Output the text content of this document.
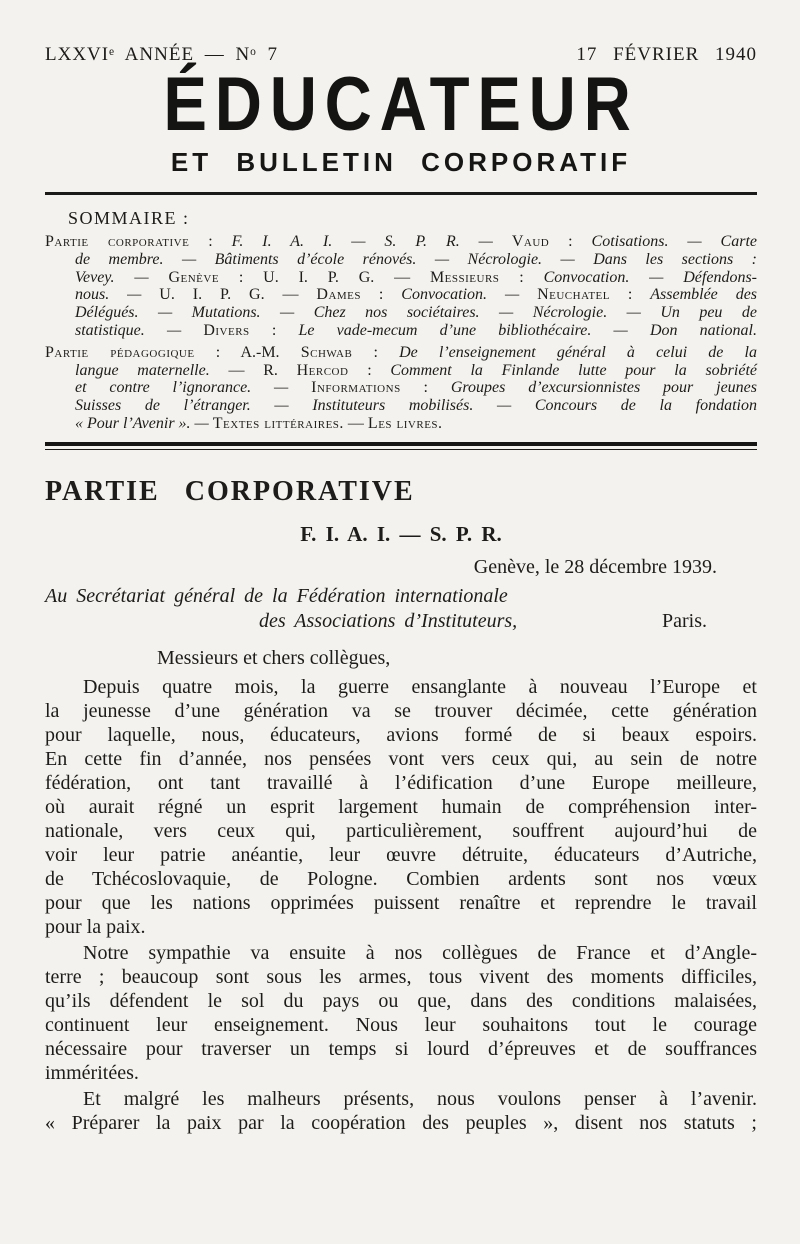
LXXVIᵉ ANNÉE — Nᵒ 7	17 FÉVRIER 1940
ÉDUCATEUR
ET BULLETIN CORPORATIF
SOMMAIRE :
Partie corporative : F. I. A. I. — S. P. R. — Vaud : Cotisations. — Carte
de membre. — Bâtiments d’école rénovés. — Nécrologie. — Dans les sections :
Vevey. — Genève : U. I. P. G. — Messieurs : Convocation. — Défendons-
nous. — U. I. P. G. — Dames : Convocation. — Neuchatel : Assemblée des
Délégués. — Mutations. — Chez nos sociétaires. — Nécrologie. — Un peu de
statistique. — Divers : Le vade-mecum d’une bibliothécaire. — Don national.
Partie pédagogique : A.-M. Schwab : De l’enseignement général à celui de la
langue maternelle. — R. Hercod : Comment la Finlande lutte pour la sobriété
et contre l’ignorance. — Informations : Groupes d’excursionnistes pour jeunes
Suisses de l’étranger. — Instituteurs mobilisés. — Concours de la fondation
« Pour l’Avenir ». — Textes littéraires. — Les livres.
PARTIE CORPORATIVE
F. I. A. I. — S. P. R.
Genève, le 28 décembre 1939.
Au Secrétariat général de la Fédération internationale
des Associations d’Instituteurs,	Paris.
Messieurs et chers collègues,
Depuis quatre mois, la guerre ensanglante à nouveau l’Europe et
la jeunesse d’une génération va se trouver décimée, cette génération
pour laquelle, nous, éducateurs, avions formé de si beaux espoirs.
En cette fin d’année, nos pensées vont vers ceux qui, au sein de notre
fédération, ont tant travaillé à l’édification d’une Europe meilleure,
où aurait régné un esprit largement humain de compréhension inter-
nationale, vers ceux qui, particulièrement, souffrent aujourd’hui de
voir leur patrie anéantie, leur œuvre détruite, éducateurs d’Autriche,
de Tchécoslovaquie, de Pologne. Combien ardents sont nos vœux
pour que les nations opprimées puissent renaître et reprendre le travail
pour la paix.
Notre sympathie va ensuite à nos collègues de France et d’Angle-
terre ; beaucoup sont sous les armes, tous vivent des moments difficiles,
qu’ils défendent le sol du pays ou que, dans des conditions malaisées,
continuent leur enseignement. Nous leur souhaitons tout le courage
nécessaire pour traverser un temps si lourd d’épreuves et de souffrances
imméritées.
Et malgré les malheurs présents, nous voulons penser à l’avenir.
« Préparer la paix par la coopération des peuples », disent nos statuts ;
